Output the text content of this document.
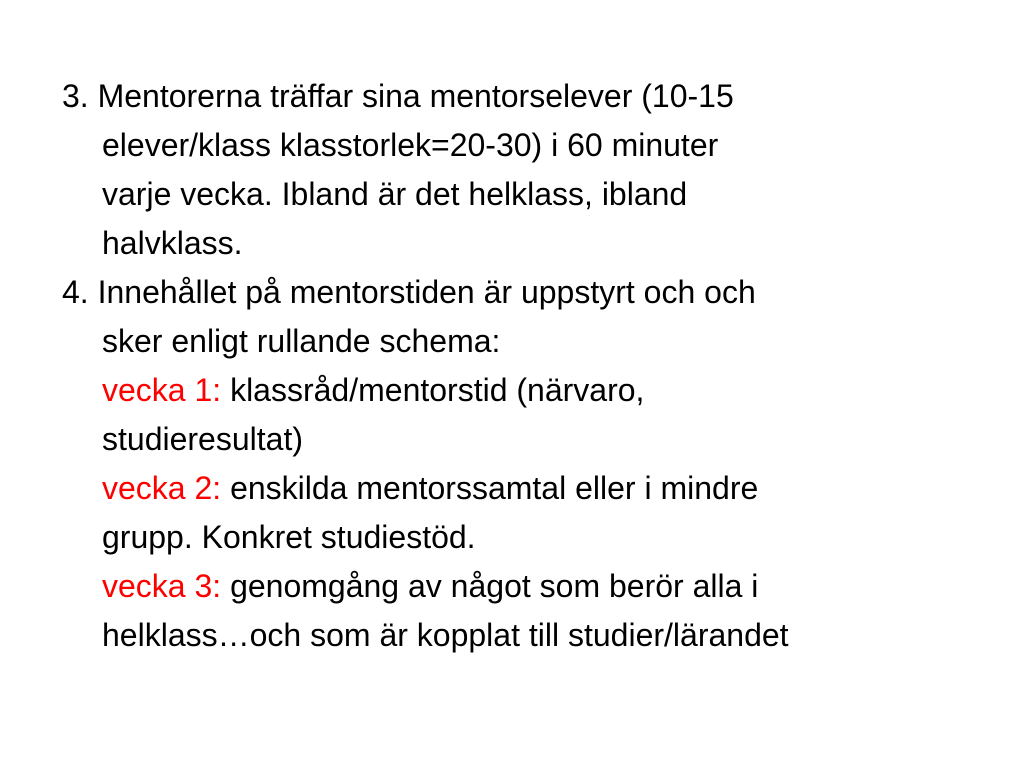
3. Mentorerna träffar sina mentorselever (10-15
elever/klass klasstorlek=20-30) i 60 minuter
varje vecka. Ibland är det helklass, ibland
halvklass.
4. Innehållet på mentorstiden är uppstyrt och och
sker enligt rullande schema:
vecka 1: klassråd/mentorstid (närvaro,
studieresultat)
vecka 2: enskilda mentorssamtal eller i mindre
grupp. Konkret studiestöd.
vecka 3: genomgång av något som berör alla i
helklass…och som är kopplat till studier/lärandet
